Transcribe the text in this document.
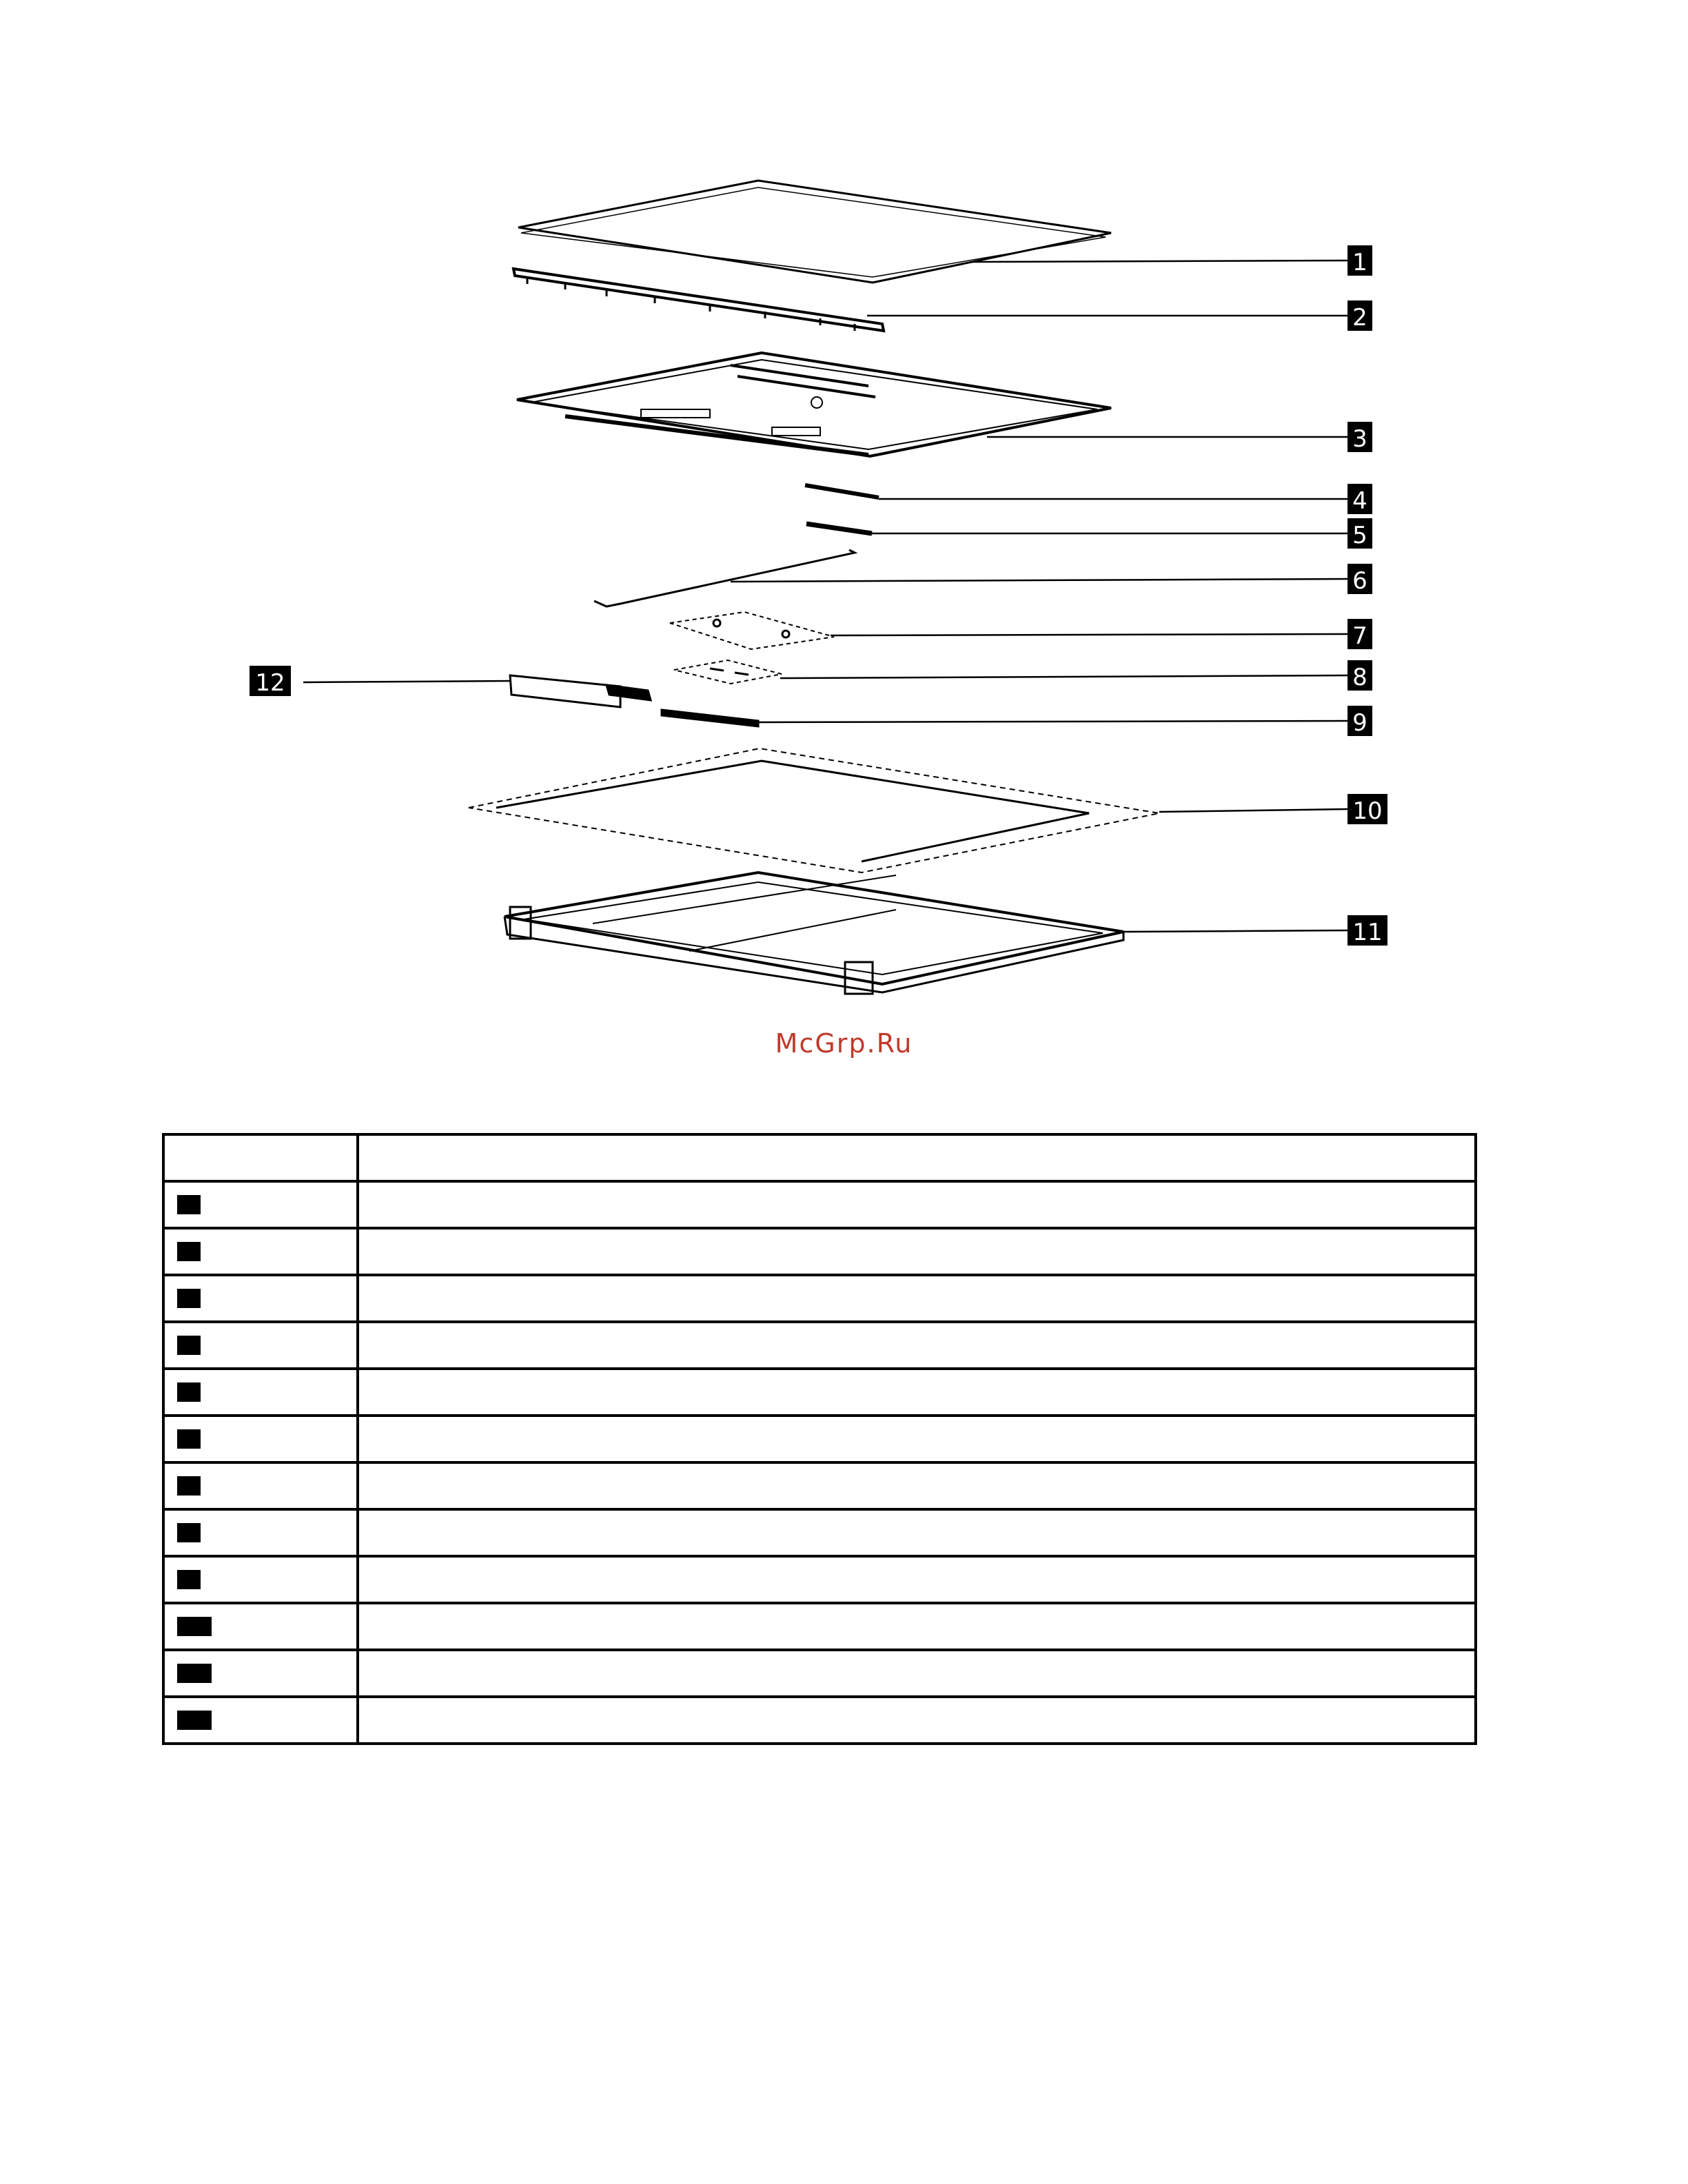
1
2
3
4
5
6
7
8
9
10
11
12
McGrp.Ru

1	
2	
3	
4	
5	
6	
7	
8	
9	
10	
11	
12	
